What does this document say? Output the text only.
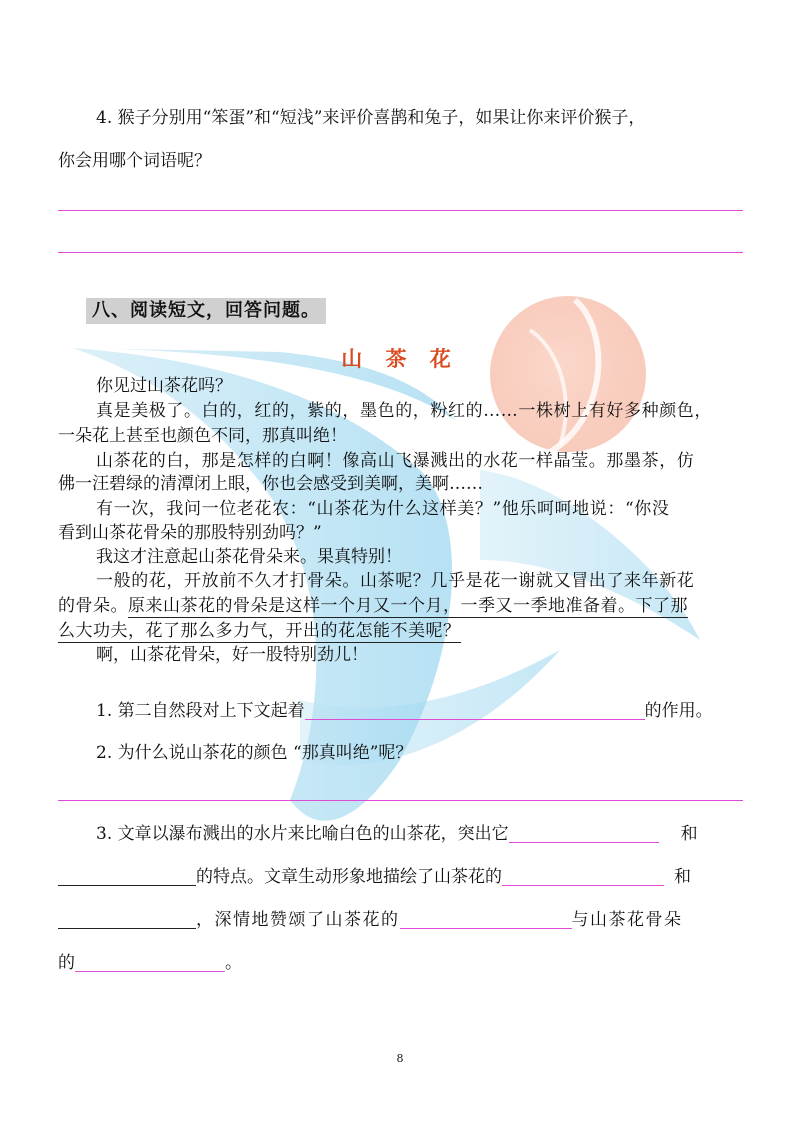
4. 猴子分别用“笨蛋”和“短浅”来评价喜鹊和兔子，如果让你来评价猴子，
你会用哪个词语呢？
八、阅读短文，回答问题。
山 茶 花
你见过山茶花吗？
真是美极了。白的，红的，紫的，墨色的，粉红的……一株树上有好多种颜色，
一朵花上甚至也颜色不同，那真叫绝！
山茶花的白，那是怎样的白啊！像高山飞瀑溅出的水花一样晶莹。那墨茶，仿
佛一汪碧绿的清潭闭上眼，你也会感受到美啊，美啊……
有一次，我问一位老花农：“山茶花为什么这样美？”他乐呵呵地说：“你没
看到山茶花骨朵的那股特别劲吗？”
我这才注意起山茶花骨朵来。果真特别！
一般的花，开放前不久才打骨朵。山茶呢？几乎是花一谢就又冒出了来年新花
的骨朵。原来山茶花的骨朵是这样一个月又一个月，一季又一季地准备着。下了那
么大功夫，花了那么多力气，开出的花怎能不美呢？
啊，山茶花骨朵，好一股特别劲儿！
1. 第二自然段对上下文起着	的作用。
2. 为什么说山茶花的颜色 “那真叫绝”呢？
3. 文章以瀑布溅出的水片来比喻白色的山茶花，突出它	和
的特点。文章生动形象地描绘了山茶花的	和
，深情地赞颂了山茶花的	与山茶花骨朵
的	。
8
